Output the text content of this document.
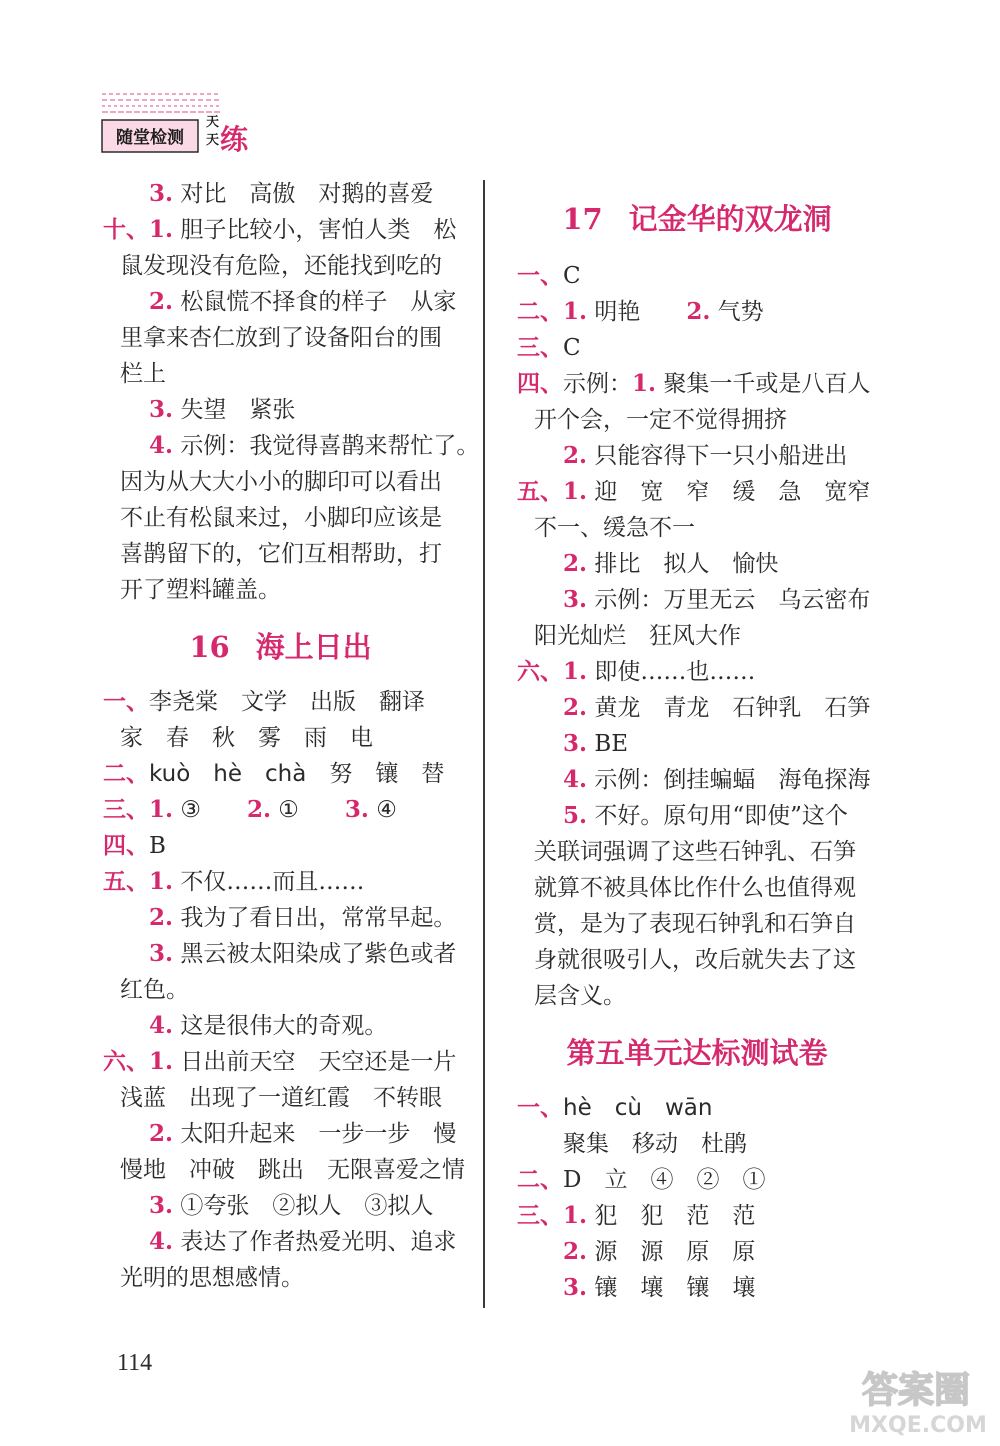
随堂检测
天
天 练
3. 对比　高傲　对鹅的喜爱
十、1. 胆子比较小，害怕人类　松
鼠发现没有危险，还能找到吃的
2. 松鼠慌不择食的样子　从家
里拿来杏仁放到了设备阳台的围
栏上
3. 失望　紧张
4. 示例：我觉得喜鹊来帮忙了。
因为从大大小小的脚印可以看出
不止有松鼠来过，小脚印应该是
喜鹊留下的，它们互相帮助，打
开了塑料罐盖。
16 海上日出
一、李尧棠　文学　出版　翻译
家　春　秋　雾　雨　电
二、kuò　hè　chà　努　镶　替
三、1. ③　　2. ①　　3. ④
四、B
五、1. 不仅……而且……
2. 我为了看日出，常常早起。
3. 黑云被太阳染成了紫色或者
红色。
4. 这是很伟大的奇观。
六、1. 日出前天空　天空还是一片
浅蓝　出现了一道红霞　不转眼
2. 太阳升起来　一步一步　慢
慢地　冲破　跳出　无限喜爱之情
3. ①夸张　②拟人　③拟人
4. 表达了作者热爱光明、追求
光明的思想感情。
17 记金华的双龙洞
一、C
二、1. 明艳　　2. 气势
三、C
四、示例：1. 聚集一千或是八百人
开个会，一定不觉得拥挤
2. 只能容得下一只小船进出
五、1. 迎　宽　窄　缓　急　宽窄
不一、缓急不一
2. 排比　拟人　愉快
3. 示例：万里无云　乌云密布
阳光灿烂　狂风大作
六、1. 即使……也……
2. 黄龙　青龙　石钟乳　石笋
3. BE
4. 示例：倒挂蝙蝠　海龟探海
5. 不好。原句用“即使”这个
关联词强调了这些石钟乳、石笋
就算不被具体比作什么也值得观
赏，是为了表现石钟乳和石笋自
身就很吸引人，改后就失去了这
层含义。
第五单元达标测试卷
一、hè　cù　wān
聚集　移动　杜鹃
二、D　立　④　②　①
三、1. 犯　犯　范　范
2. 源　源　原　原
3. 镶　壤　镶　壤
114
答案圈
MXQE.COM
